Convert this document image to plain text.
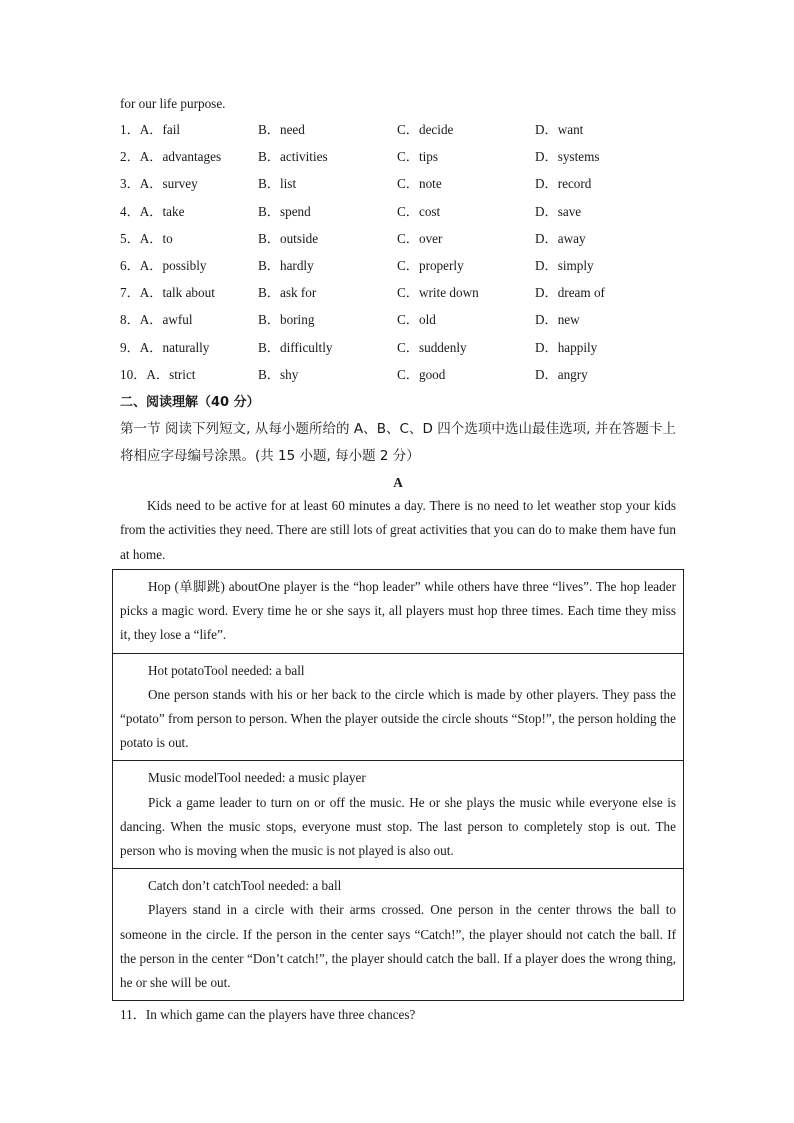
for our life purpose.
1．A．fail	B．need	C．decide	D．want
2．A．advantages	B．activities	C．tips	D．systems
3．A．survey	B．list	C．note	D．record
4．A．take	B．spend	C．cost	D．save
5．A．to	B．outside	C．over	D．away
6．A．possibly	B．hardly	C．properly	D．simply
7．A．talk about	B．ask for	C．write down	D．dream of
8．A．awful	B．boring	C．old	D．new
9．A．naturally	B．difficultly	C．suddenly	D．happily
10．A．strict	B．shy	C．good	D．angry
二、阅读理解（40 分）
第一节 阅读下列短文, 从每小题所给的 A、B、C、D 四个选项中选山最佳选项, 并在答题卡上将相应字母编号涂黑。(共 15 小题, 每小题 2 分）
A

Kids need to be active for at least 60 minutes a day. There is no need to let weather stop your kids from the activities they need. There are still lots of great activities that you can do to make them have fun at home.

Hop (单脚跳) aboutOne player is the “hop leader” while others have three “lives”. The hop leader picks a magic word. Every time he or she says it, all players must hop three times. Each time they miss it, they lose a “life”.

Hot potatoTool needed: a ball

One person stands with his or her back to the circle which is made by other players. They pass the “potato” from person to person. When the player outside the circle shouts “Stop!”, the person holding the potato is out.

Music modelTool needed: a music player

Pick a game leader to turn on or off the music. He or she plays the music while everyone else is dancing. When the music stops, everyone must stop. The last person to completely stop is out. The person who is moving when the music is not played is also out.

Catch don’t catchTool needed: a ball

Players stand in a circle with their arms crossed. One person in the center throws the ball to someone in the circle. If the person in the center says “Catch!”, the player should not catch the ball. If the person in the center “Don’t catch!”, the player should catch the ball. If a player does the wrong thing, he or she will be out.

11．In which game can the players have three chances?
